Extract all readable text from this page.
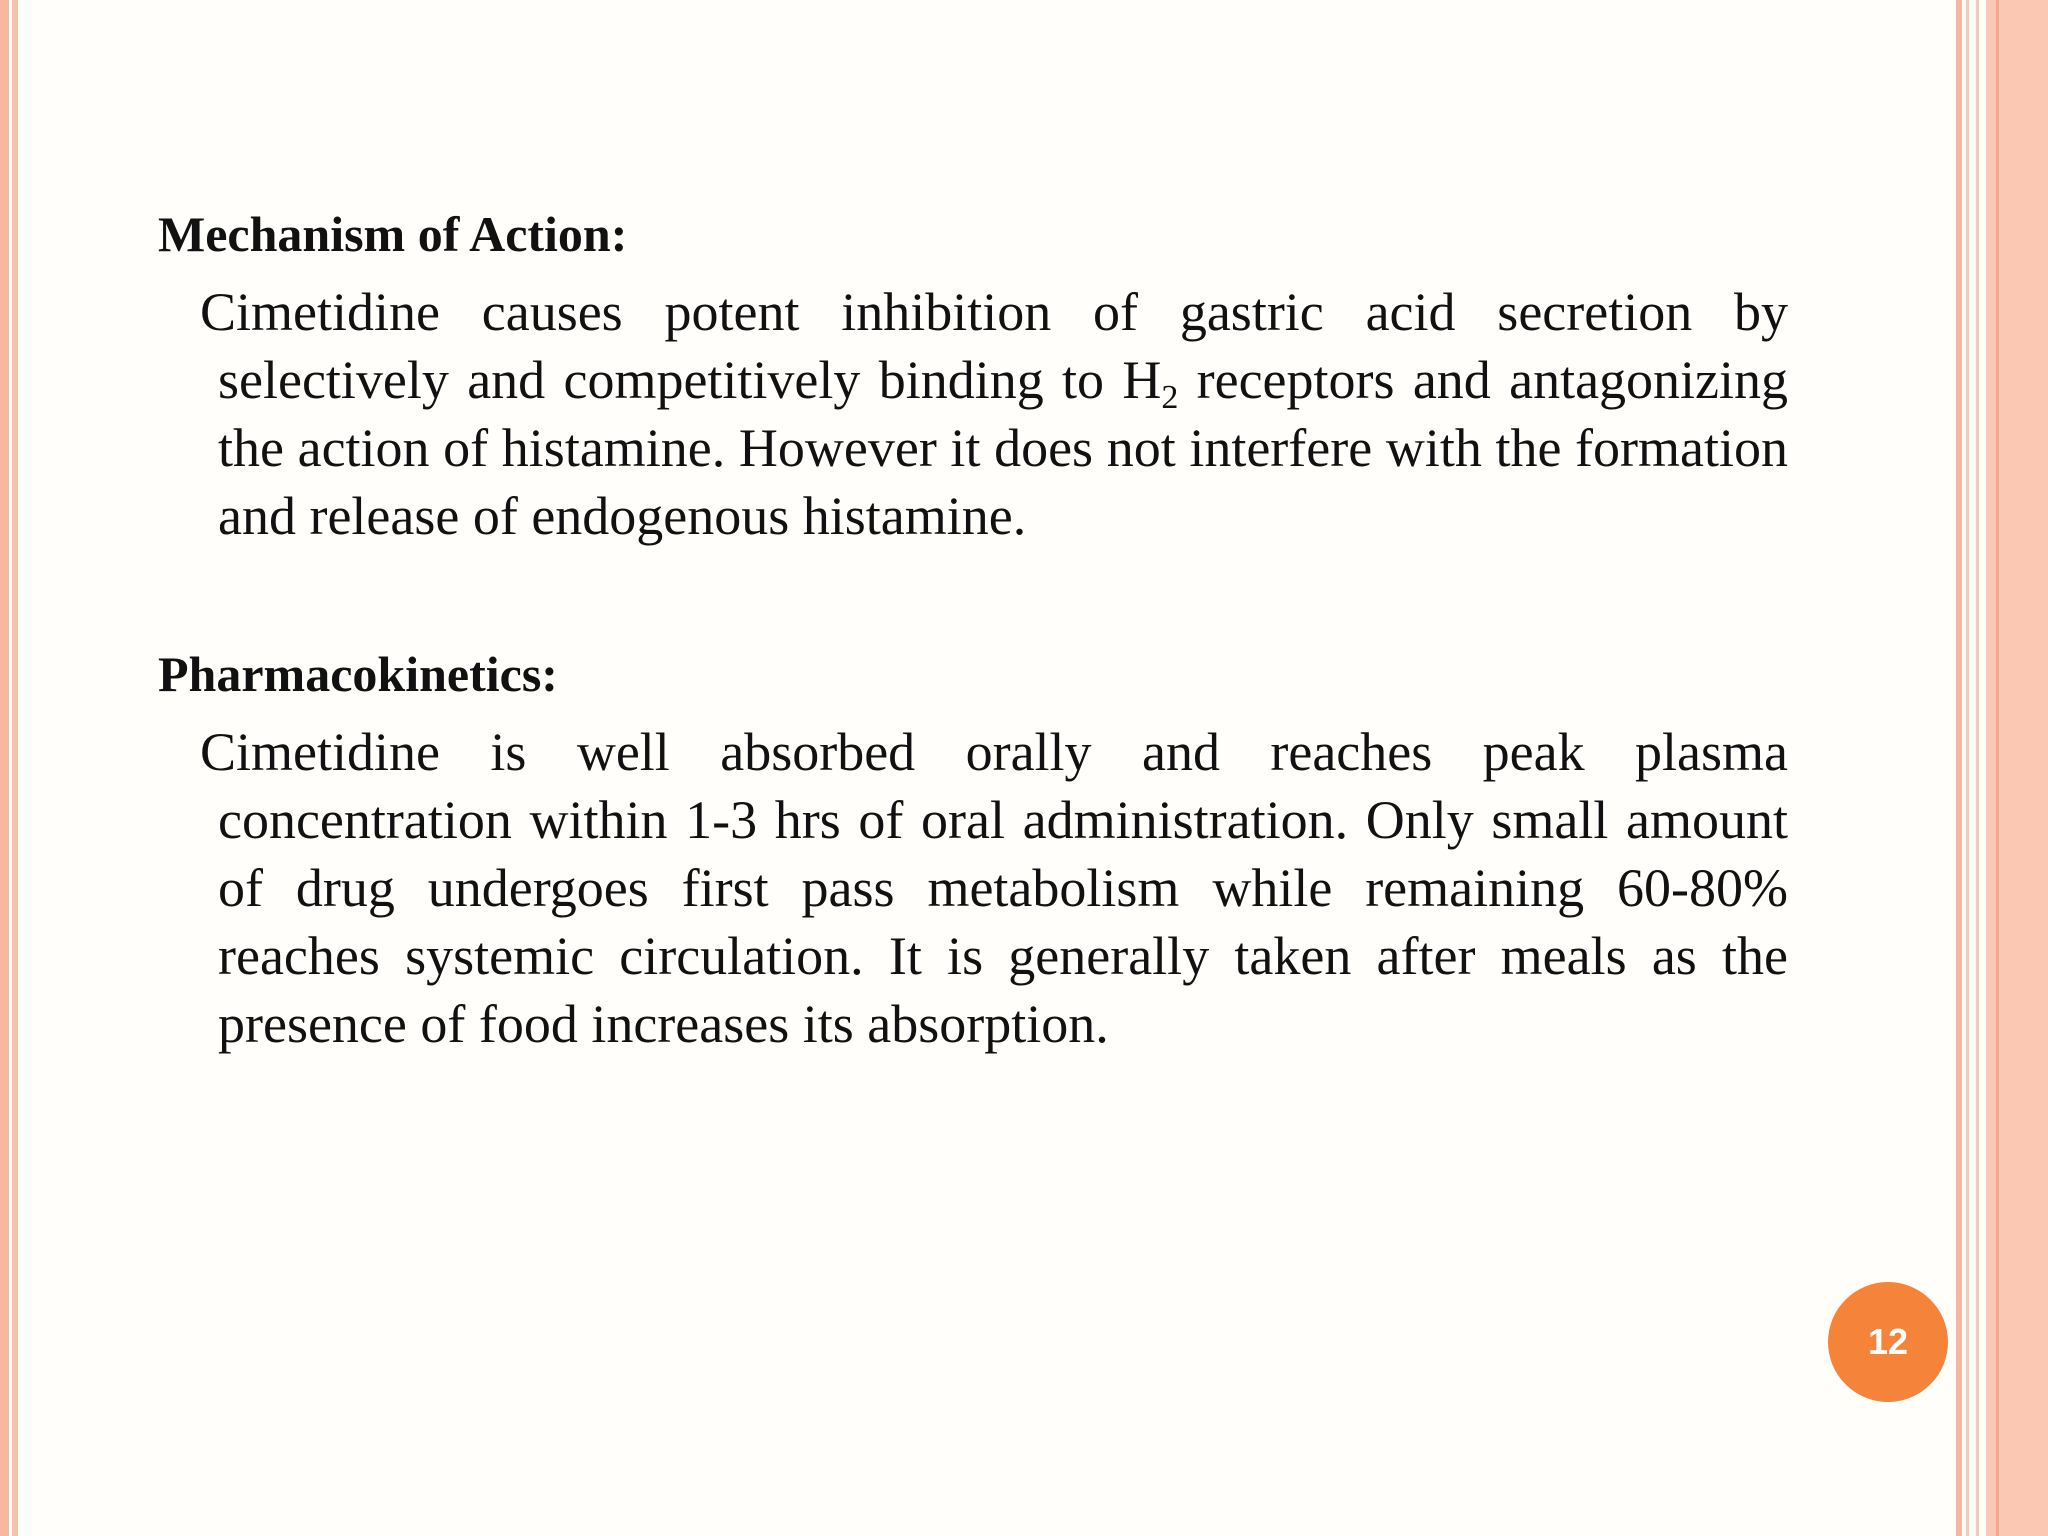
Mechanism of Action:

Cimetidine causes potent inhibition of gastric acid secretion by selectively and competitively binding to $H_2$ receptors and antagonizing the action of histamine. However it does not interfere with the formation and release of endogenous histamine.

Pharmacokinetics:

Cimetidine is well absorbed orally and reaches peak plasma concentration within 1-3 hrs of oral administration. Only small amount of drug undergoes first pass metabolism while remaining 60-80% reaches systemic circulation. It is generally taken after meals as the presence of food increases its absorption.

12
